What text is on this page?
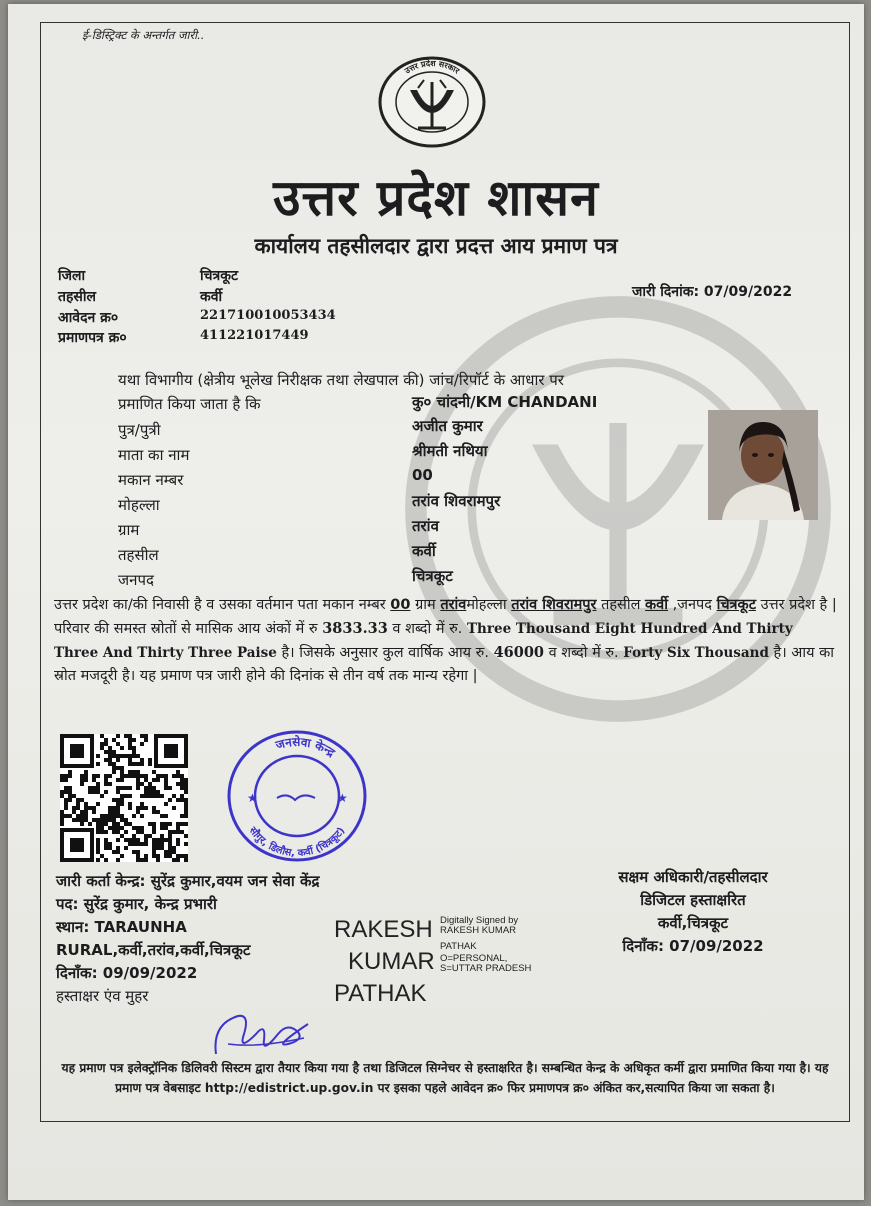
ई-डिस्ट्रिक्ट के अन्तर्गत जारी..
उत्तर प्रदेश सरकार
उत्तर प्रदेश शासन
कार्यालय तहसीलदार द्वारा प्रदत्त आय प्रमाण पत्र
जिला	चित्रकूट
तहसील	कर्वी
आवेदन क्र०	221710010053434
प्रमाणपत्र क्र०	411221017449
जारी दिनांक: 07/09/2022
यथा विभागीय (क्षेत्रीय भूलेख निरीक्षक तथा लेखपाल की) जांच/रिपॉर्ट के आधार पर
प्रमाणित किया जाता है कि	कु० चांदनी/KM CHANDANI
पुत्र/पुत्री	अजीत कुमार
माता का नाम	श्रीमती नथिया
मकान नम्बर	00
मोहल्ला	तरांव शिवरामपुर
ग्राम	तरांव
तहसील	कर्वी
जनपद	चित्रकूट
उत्तर प्रदेश का/की निवासी है व उसका वर्तमान पता मकान नम्बर 00 ग्राम तरांवमोहल्ला तरांव शिवरामपुर तहसील कर्वी ,जनपद चित्रकूट उत्तर प्रदेश है | परिवार की समस्त स्रोतों से मासिक आय अंकों में रु 3833.33 व शब्दो में रु. Three Thousand Eight Hundred And Thirty Three And Thirty Three Paise है। जिसके अनुसार कुल वार्षिक आय रु. 46000 व शब्दो में रु. Forty Six Thousand है। आय का स्रोत मजदूरी है। यह प्रमाण पत्र जारी होने की दिनांक से तीन वर्ष तक मान्य रहेगा |
जनसेवा केन्द्र
सौगुर, डिलौस, कर्वी (चित्रकूट)
★	★
जारी कर्ता केन्द्र: सुरेंद्र कुमार,वयम जन सेवा केंद्र
पद: सुरेंद्र कुमार, केन्द्र प्रभारी
स्थान: TARAUNHA RURAL,कर्वी,तरांव,कर्वी,चित्रकूट
दिनाँक: 09/09/2022
हस्ताक्षर एंव मुहर
RAKESH
KUMAR
PATHAK
Digitally Signed by
RAKESH KUMAR
PATHAK
O=PERSONAL,
S=UTTAR PRADESH
सक्षम अधिकारी/तहसीलदार
डिजिटल हस्ताक्षरित
कर्वी,चित्रकूट
दिनाँक: 07/09/2022
यह प्रमाण पत्र इलेक्ट्रॉनिक डिलिवरी सिस्टम द्वारा तैयार किया गया है तथा डिजिटल सिग्नेचर से हस्ताक्षरित है। सम्बन्धित केन्द्र के अधिकृत कर्मी द्वारा प्रमाणित किया गया है। यह प्रमाण पत्र वेबसाइट http://edistrict.up.gov.in पर इसका पहले आवेदन क्र० फिर प्रमाणपत्र क्र० अंकित कर,सत्यापित किया जा सकता है।
